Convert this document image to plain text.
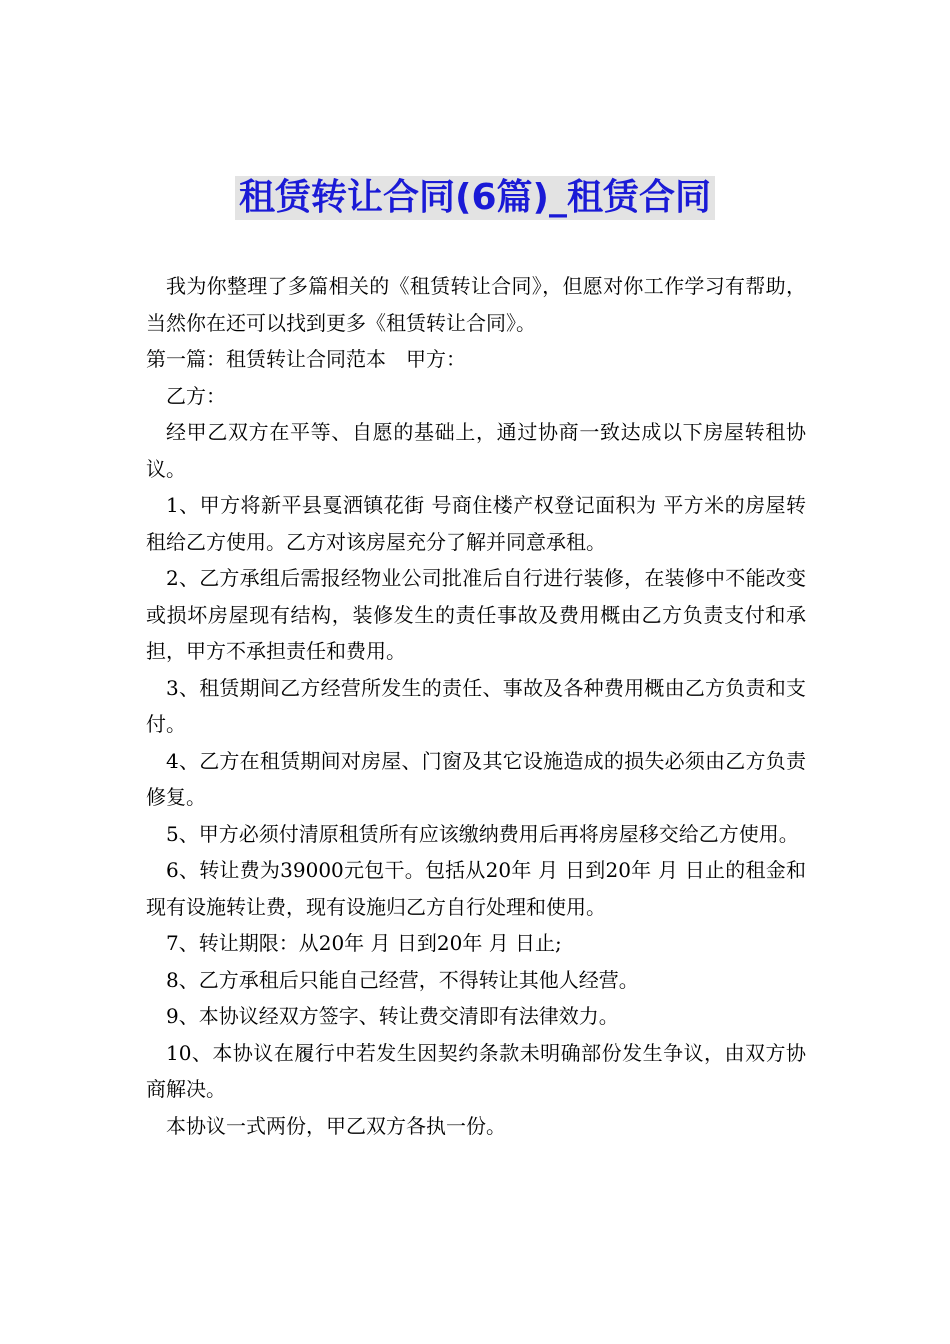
租赁转让合同(6篇)_租赁合同

我为你整理了多篇相关的《租赁转让合同》，但愿对你工作学习有帮助，当然你在还可以找到更多《租赁转让合同》。

第一篇：租赁转让合同范本　甲方：

乙方：

经甲乙双方在平等、自愿的基础上，通过协商一致达成以下房屋转租协议。

1、甲方将新平县戛洒镇花街 号商住楼产权登记面积为 平方米的房屋转租给乙方使用。乙方对该房屋充分了解并同意承租。

2、乙方承组后需报经物业公司批准后自行进行装修，在装修中不能改变或损坏房屋现有结构，装修发生的责任事故及费用概由乙方负责支付和承担，甲方不承担责任和费用。

3、租赁期间乙方经营所发生的责任、事故及各种费用概由乙方负责和支付。

4、乙方在租赁期间对房屋、门窗及其它设施造成的损失必须由乙方负责修复。

5、甲方必须付清原租赁所有应该缴纳费用后再将房屋移交给乙方使用。

6、转让费为39000元包干。包括从20年 月 日到20年 月 日止的租金和现有设施转让费，现有设施归乙方自行处理和使用。

7、转让期限：从20年 月 日到20年 月 日止;

8、乙方承租后只能自己经营，不得转让其他人经营。

9、本协议经双方签字、转让费交清即有法律效力。

10、本协议在履行中若发生因契约条款未明确部份发生争议，由双方协商解决。

本协议一式两份，甲乙双方各执一份。
